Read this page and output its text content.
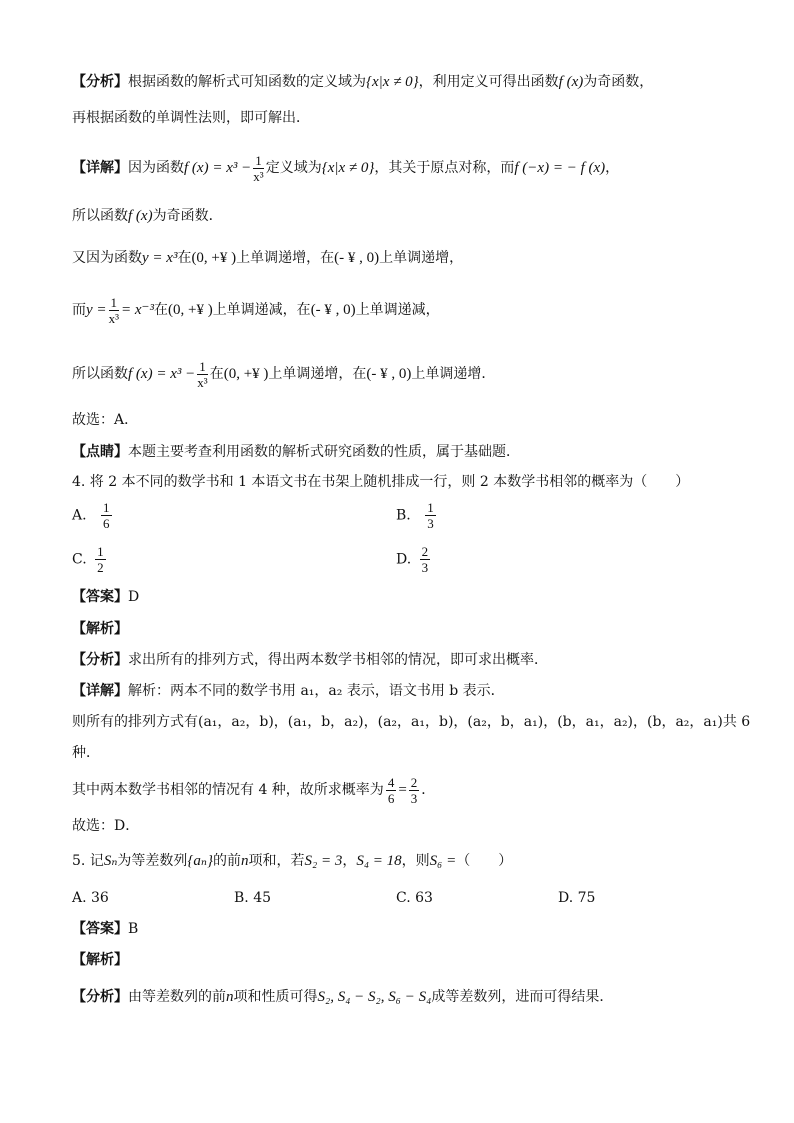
【分析】根据函数的解析式可知函数的定义域为{x|x ≠ 0}，利用定义可得出函数f (x)为奇函数，
再根据函数的单调性法则，即可解出．
【详解】因为函数f $(x) = x^3 - \frac{1}{\text{x³}}$ 定义域为{x|x ≠ 0}，其关于原点对称，而f (−x) = − f (x)，
所以函数f (x)为奇函数．
又因为函数y = x³在(0, +¥ )上单调递增，在(- ¥ , 0)上单调递增，
而$y = \frac{1}{\text{x³}} = x^{-3}$在(0, +¥ )上单调递减，在(- ¥ , 0)上单调递减，
所以函数f $(x) = x^3 - \frac{1}{\text{x³}}$ 在(0, +¥ )上单调递增，在(- ¥ , 0)上单调递增．
故选：A．
【点睛】本题主要考查利用函数的解析式研究函数的性质，属于基础题．
4. 将 2 本不同的数学书和 1 本语文书在书架上随机排成一行，则 2 本数学书相邻的概率为（　　）
A. $\frac{1}{6}$	B. $\frac{1}{3}$
C. $\frac{1}{2}$	D. $\frac{2}{3}$
【答案】D
【解析】
【分析】求出所有的排列方式，得出两本数学书相邻的情况，即可求出概率．
【详解】解析：两本不同的数学书用 a₁，a₂ 表示，语文书用 b 表示．
则所有的排列方式有(a₁，a₂，b)，(a₁，b，a₂)，(a₂，a₁，b)，(a₂，b，a₁)，(b，a₁，a₂)，(b，a₂，a₁)共 6
种．
其中两本数学书相邻的情况有 4 种，故所求概率为 $\frac{4}{6} = \frac{2}{3}$ ．
故选：D．
5. 记Sₙ为等差数列{aₙ}的前n项和，若S₂ = 3，S₄ = 18，则S₆ =（　　）
A. 36	B. 45	C. 63	D. 75
【答案】B
【解析】
【分析】由等差数列的前n项和性质可得S₂, S₄ − S₂, S₆ − S₄成等差数列，进而可得结果．
